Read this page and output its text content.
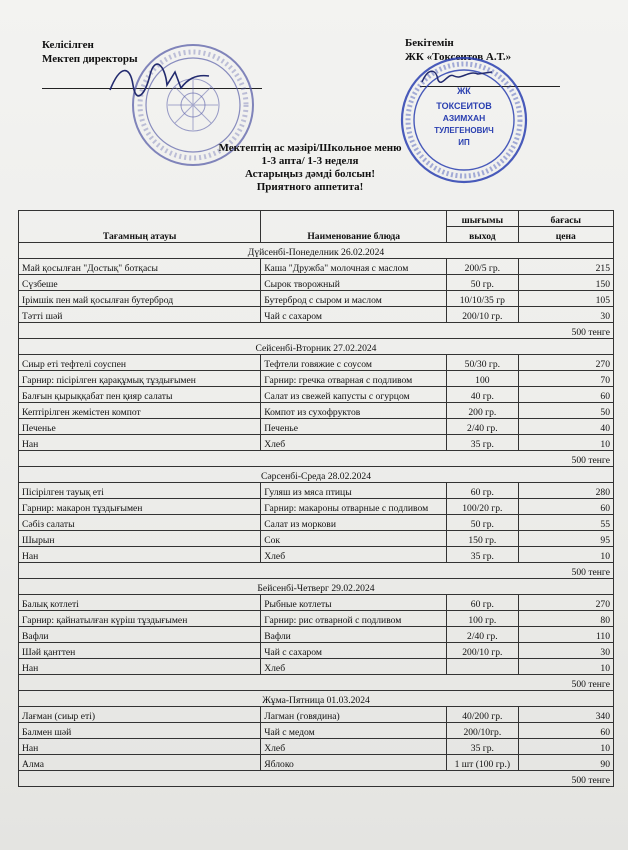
Келісілген
Мектеп директоры
Бекітемін
ЖК «Токсеитов А.Т.»
ЖК
ТОКСЕИТОВ
АЗИМХАН
ТУЛЕГЕНОВИЧ
ИП
Мектептің ас мәзірі/Школьное меню
1-3 апта/ 1-3 неделя
Астарыңыз дәмді болсын!
Приятного аппетита!
Тағамның атауы	Наименование блюда	шығымы	бағасы
		выход	цена
Дүйсенбі-Понеделник 26.02.2024			
Май қосылған "Достық" ботқасы	Каша "Дружба" молочная с маслом	200/5 гр.	215
Сүзбеше	Сырок творожный	50 гр.	150
Ірімшік пен май қосылған бутерброд	Бутерброд с сыром и маслом	10/10/35 гр	105
Тәтті шәй	Чай с сахаром	200/10 гр.	30
500 тенге			
Сейсенбі-Вторник 27.02.2024			
Сиыр еті тефтелі соуспен	Тефтели говяжие с соусом	50/30 гр.	270
Гарнир: пісірілген қарақұмық тұздығымен	Гарнир: гречка отварная с подливом	100	70
Балғын қырыққабат пен қияр салаты	Салат из свежей капусты с огурцом	40 гр.	60
Кептірілген жемістен компот	Компот из сухофруктов	200 гр.	50
Печенье	Печенье	2/40 гр.	40
Нан	Хлеб	35 гр.	10
500 тенге			
Сәрсенбі-Среда 28.02.2024			
Пісірілген тауық еті	Гуляш из мяса птицы	60 гр.	280
Гарнир: макарон тұздығымен	Гарнир: макароны отварные с подливом	100/20 гр.	60
Сәбіз салаты	Салат из моркови	50 гр.	55
Шырын	Сок	150 гр.	95
Нан	Хлеб	35 гр.	10
500 тенге			
Бейсенбі-Четверг 29.02.2024			
Балық котлеті	Рыбные котлеты	60 гр.	270
Гарнир: қайнатылған күріш тұздығымен	Гарнир: рис отварной с подливом	100 гр.	80
Вафли	Вафли	2/40 гр.	110
Шәй қанттен	Чай с сахаром	200/10 гр.	30
Нан	Хлеб		10
500 тенге			
Жұма-Пятница 01.03.2024			
Лағман (сиыр еті)	Лагман (говядина)	40/200 гр.	340
Балмен шәй	Чай с медом	200/10гр.	60
Нан	Хлеб	35 гр.	10
Алма	Яблоко	1 шт (100 гр.)	90
500 тенге			
